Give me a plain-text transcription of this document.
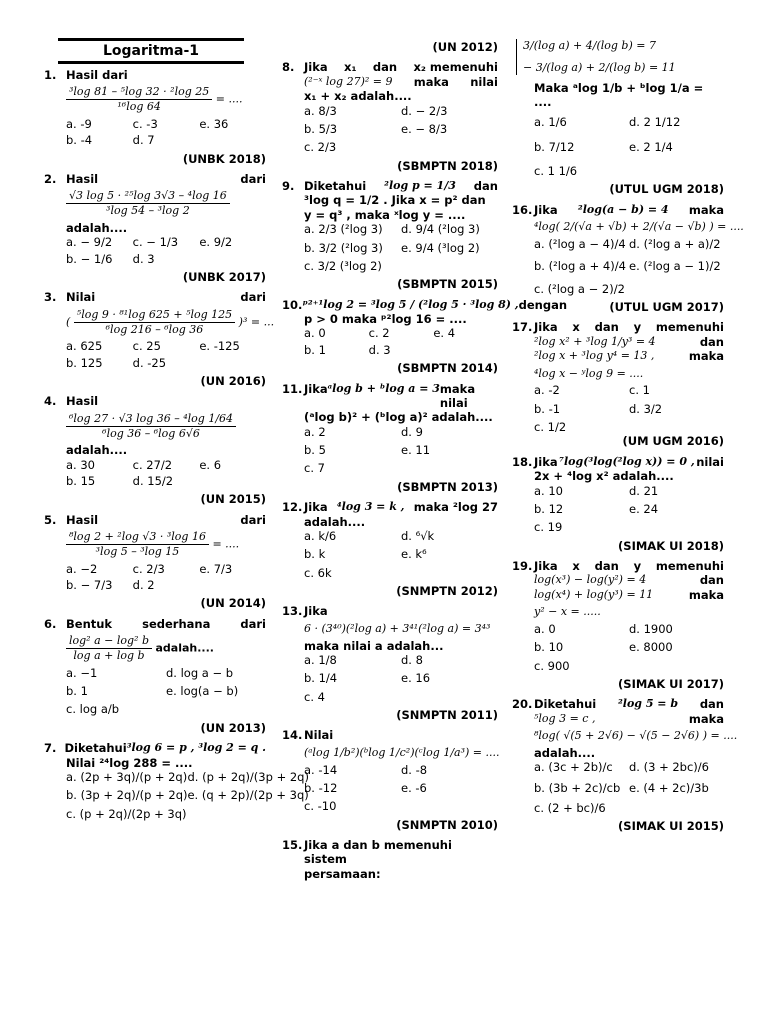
Logaritma-1
1. Hasil dari
$\frac{\text{³log 81 – ⁵log 32 · ²log 25}}{\text{¹⁶log 64}}$ = ....
a. -9	c. -3	e. 36
b. -4	d. 7
(UNBK 2018)
2. Hasil	dari
$\frac{\text{√3 log 5 · ²⁵log 3√3 – ⁴log 16}}{\text{³log 54 – ³log 2}}$
adalah....
a. − 9/2	c. − 1/3	e. 9/2
b. − 1/6	d. 3
(UNBK 2017)
3. Nilai	dari
( $\frac{\text{⁵log 9 · ⁸¹log 625 + ⁵log 125}}{\text{⁶log 216 – ⁶log 36}} )^3$ = ...
a. 625	c. 25	e. -125
b. 125	d. -25
(UN 2016)
4. Hasil
$\frac{\text{⁶log 27 · √3 log 36 – ⁴log 1/64}}{\text{⁶log 36 – ⁶log 6√6}}$
adalah....
a. 30	c. 27/2	e. 6
b. 15	d. 15/2
(UN 2015)
5. Hasil	dari
$\frac{\text{⁸log 2 + ²log √3 · ³log 16}}{\text{³log 5 – ³log 15}}$ = ....
a. −2	c. 2/3	e. 7/3
b. − 7/3	d. 2
(UN 2014)
6. Bentuk	sederhana	dari
$\frac{\text{log² a − log² b}}{\text{log a + log b}}$ adalah....
a. −1	d. log a − b
b. 1	e. log(a − b)
c. log a/b
(UN 2013)
7. Diketahui ³log 6 = p , ³log 2 = q .
Nilai ²⁴log 288 = ....
a. (2p + 3q)/(p + 2q) d. (p + 2q)/(3p + 2q)
b. (3p + 2q)/(p + 2q) e. (q + 2p)/(2p + 3q)
c. (p + 2q)/(2p + 3q)
(UN 2012)
8. Jika x₁ dan x₂ memenuhi
(²⁻ˣ log 27)² = 9 maka nilai
x₁ + x₂ adalah....
a. 8/3	d. − 2/3
b. 5/3	e. − 8/3
c. 2/3
(SBMPTN 2018)
9. Diketahui ²log p = 1/3 dan
³log q = 1/2 . Jika x = p² dan
y = q³ , maka ˣlog y = ....
a. 2/3 (²log 3)	d. 9/4 (²log 3)
b. 3/2 (²log 3)	e. 9/4 (³log 2)
c. 3/2 (³log 2)
(SBMPTN 2015)
10. ᵖ²⁺¹log 2 = ³log 5 / (²log 5 · ³log 8) , dengan
p > 0 maka ᵖ²log 16 = ....
a. 0	c. 2	e. 4
b. 1	d. 3
(SBMPTN 2014)
11. Jika ᵃlog b + ᵇlog a = 3 maka nilai
(ᵃlog b)² + (ᵇlog a)² adalah....
a. 2	d. 9
b. 5	e. 11
c. 7
(SBMPTN 2013)
12. Jika ⁴log 3 = k , maka ²log 27
adalah....
a. k/6	d. ⁶√k
b. k	e. k⁶
c. 6k
(SNMPTN 2012)
13. Jika
6 · (3⁴⁰)(²log a) + 3⁴¹(²log a) = 3⁴³
maka nilai a adalah...
a. 1/8	d. 8
b. 1/4	e. 16
c. 4
(SNMPTN 2011)
14. Nilai
(ᵃlog 1/b²)(ᵇlog 1/c²)(ᶜlog 1/a³) = ....
a. -14	d. -8
b. -12	e. -6
c. -10
(SNMPTN 2010)
15. Jika a dan b memenuhi sistem
persamaan:
3/(log a) + 4/(log b) = 7
− 3/(log a) + 2/(log b) = 11
Maka ᵃlog 1/b + ᵇlog 1/a = ....
a. 1/6	d. 2 1/12
b. 7/12	e. 2 1/4
c. 1 1/6
(UTUL UGM 2018)
16. Jika ²log(a − b) = 4 maka
⁴log( 2/(√a + √b) + 2/(√a − √b) ) = ....
a. (²log a − 4)/4 d. (²log a + a)/2
b. (²log a + 4)/4 e. (²log a − 1)/2
c. (²log a − 2)/2
(UTUL UGM 2017)
17. Jika x dan y memenuhi
²log x² + ³log 1/y³ = 4	dan
²log x + ³log y⁴ = 13 ,	maka
⁴log x − ʸlog 9 = ....
a. -2	c. 1
b. -1	d. 3/2
c. 1/2
(UM UGM 2016)
18. Jika ⁷log(³log(²log x)) = 0 , nilai
2x + ⁴log x² adalah....
a. 10	d. 21
b. 12	e. 24
c. 19
(SIMAK UI 2018)
19. Jika x dan y memenuhi
log(x³) − log(y²) = 4	dan
log(x⁴) + log(y³) = 11	maka
y² − x = .....
a. 0	d. 1900
b. 10	e. 8000
c. 900
(SIMAK UI 2017)
20. Diketahui ²log 5 = b dan
⁵log 3 = c ,	maka
⁸log( √(5 + 2√6) − √(5 − 2√6) ) = ....
adalah....
a. (3c + 2b)/c	d. (3 + 2bc)/6
b. (3b + 2c)/cb e. (4 + 2c)/3b
c. (2 + bc)/6
(SIMAK UI 2015)
